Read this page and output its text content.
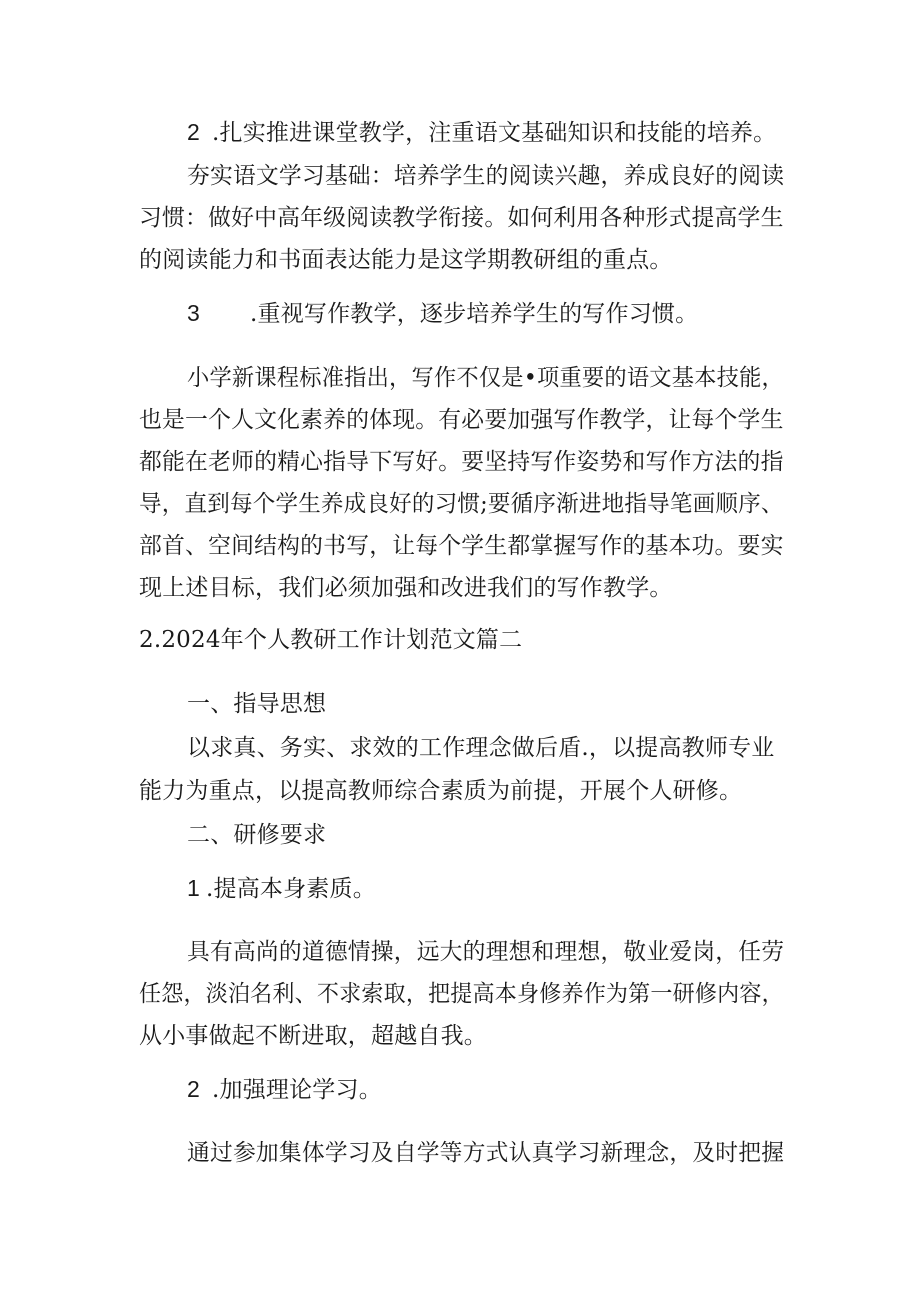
2 .扎实推进课堂教学，注重语文基础知识和技能的培养。
夯实语文学习基础：培养学生的阅读兴趣，养成良好的阅读
习惯：做好中高年级阅读教学衔接。如何利用各种形式提高学生
的阅读能力和书面表达能力是这学期教研组的重点。
3 .重视写作教学，逐步培养学生的写作习惯。
小学新课程标准指出，写作不仅是•项重要的语文基本技能，
也是一个人文化素养的体现。有必要加强写作教学，让每个学生
都能在老师的精心指导下写好。要坚持写作姿势和写作方法的指
导，直到每个学生养成良好的习惯;要循序渐进地指导笔画顺序、
部首、空间结构的书写，让每个学生都掌握写作的基本功。要实
现上述目标，我们必须加强和改进我们的写作教学。
2.2024年个人教研工作计划范文篇二
一、指导思想
以求真、务实、求效的工作理念做后盾.，以提高教师专业
能力为重点，以提高教师综合素质为前提，开展个人研修。
二、研修要求
1 .提高本身素质。
具有高尚的道德情操，远大的理想和理想，敬业爱岗，任劳
任怨，淡泊名利、不求索取，把提高本身修养作为第一研修内容，
从小事做起不断进取，超越自我。
2 .加强理论学习。
通过参加集体学习及自学等方式认真学习新理念，及时把握
